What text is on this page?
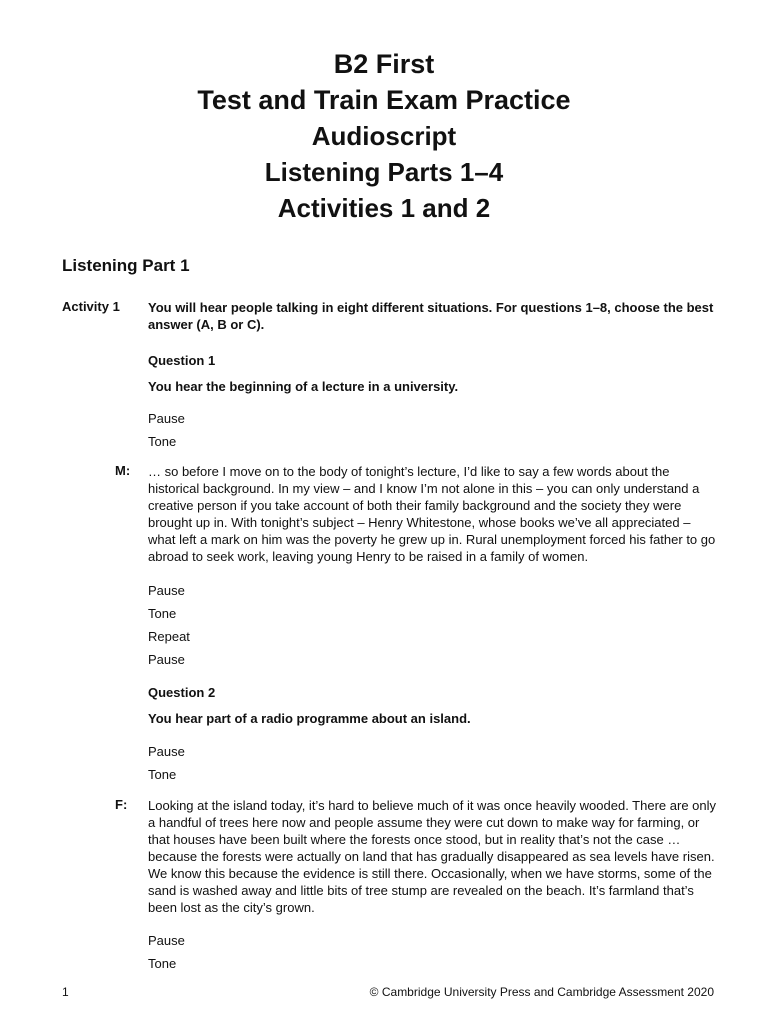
B2 First
Test and Train Exam Practice
Audioscript
Listening Parts 1–4
Activities 1 and 2
Listening Part 1
Activity 1 You will hear people talking in eight different situations. For questions 1–8, choose the best answer (A, B or C).
Question 1
You hear the beginning of a lecture in a university.
Pause
Tone
M: … so before I move on to the body of tonight’s lecture, I’d like to say a few words about the historical background. In my view – and I know I’m not alone in this – you can only understand a creative person if you take account of both their family background and the society they were brought up in. With tonight’s subject – Henry Whitestone, whose books we’ve all appreciated – what left a mark on him was the poverty he grew up in. Rural unemployment forced his father to go abroad to seek work, leaving young Henry to be raised in a family of women.
Pause
Tone
Repeat
Pause
Question 2
You hear part of a radio programme about an island.
Pause
Tone
F: Looking at the island today, it’s hard to believe much of it was once heavily wooded. There are only a handful of trees here now and people assume they were cut down to make way for farming, or that houses have been built where the forests once stood, but in reality that’s not the case … because the forests were actually on land that has gradually disappeared as sea levels have risen. We know this because the evidence is still there. Occasionally, when we have storms, some of the sand is washed away and little bits of tree stump are revealed on the beach. It’s farmland that’s been lost as the city’s grown.
Pause
Tone
1	© Cambridge University Press and Cambridge Assessment 2020
